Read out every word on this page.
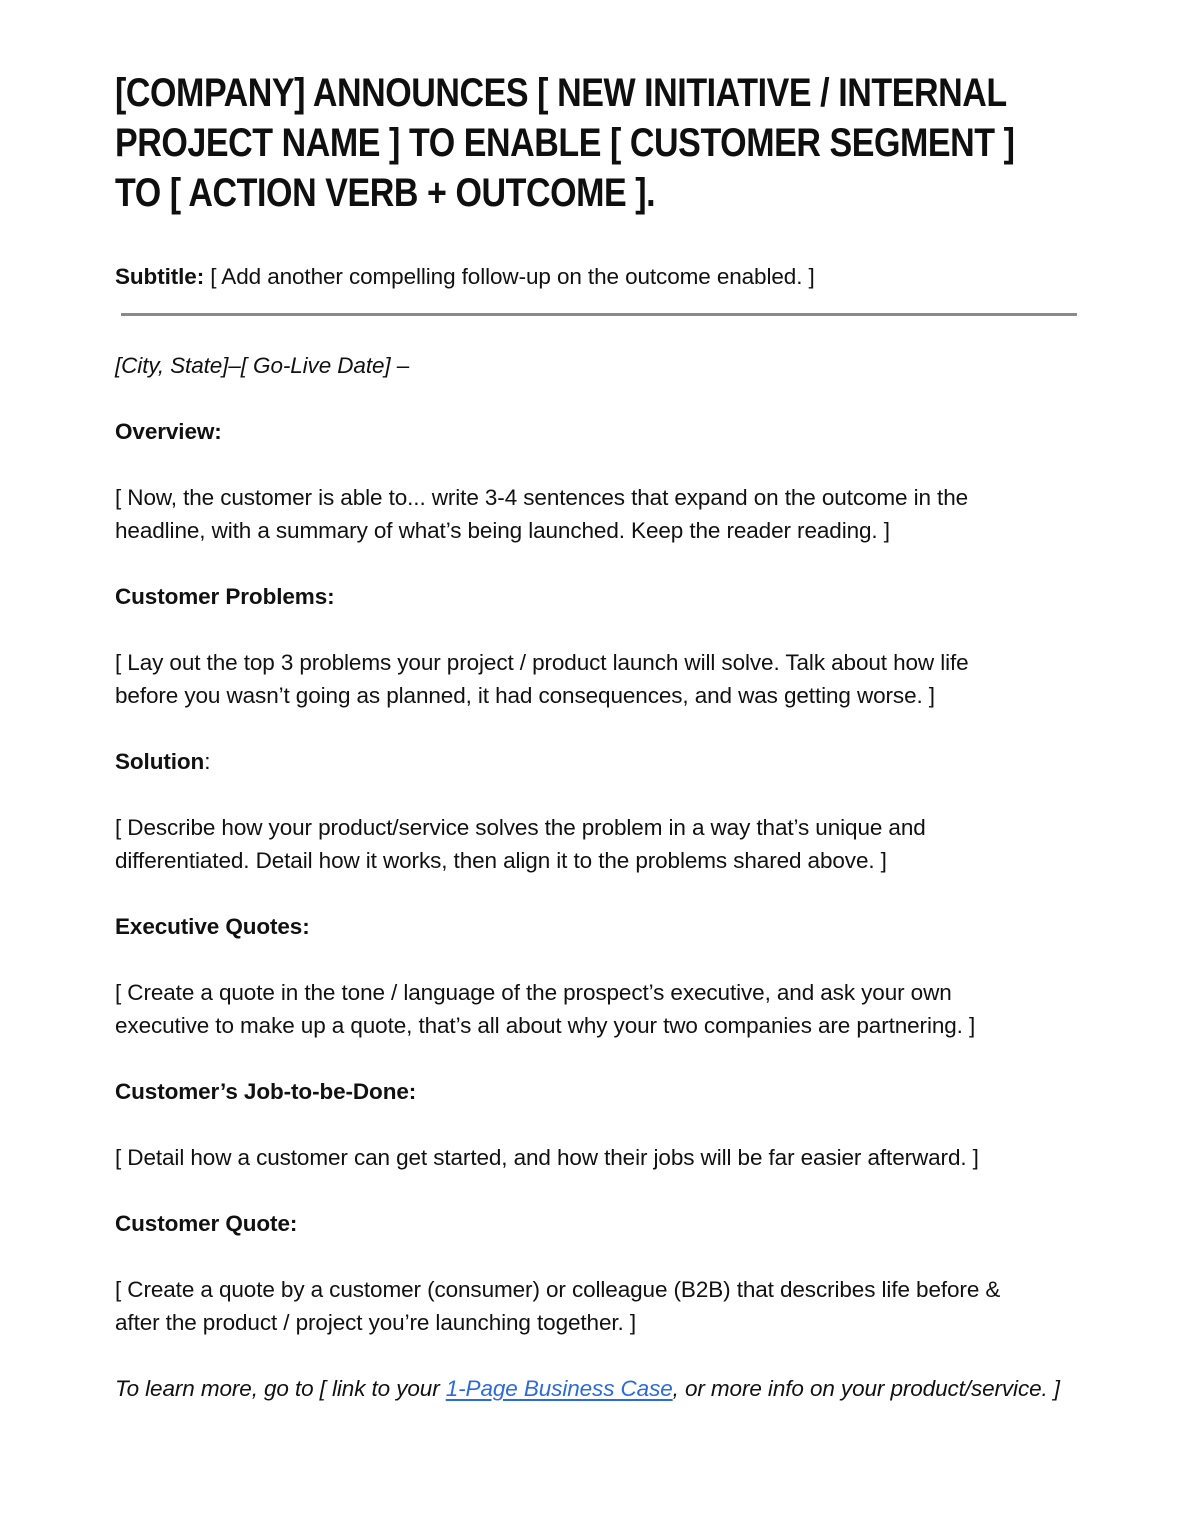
[COMPANY] ANNOUNCES [ NEW INITIATIVE / INTERNAL
PROJECT NAME ] TO ENABLE [ CUSTOMER SEGMENT ]
TO [ ACTION VERB + OUTCOME ].

Subtitle: [ Add another compelling follow-up on the outcome enabled. ]

[City, State]–[ Go-Live Date] –

Overview:

[ Now, the customer is able to... write 3-4 sentences that expand on the outcome in the
headline, with a summary of what’s being launched. Keep the reader reading. ]

Customer Problems:

[ Lay out the top 3 problems your project / product launch will solve. Talk about how life
before you wasn’t going as planned, it had consequences, and was getting worse. ]

Solution:

[ Describe how your product/service solves the problem in a way that’s unique and
differentiated. Detail how it works, then align it to the problems shared above. ]

Executive Quotes:

[ Create a quote in the tone / language of the prospect’s executive, and ask your own
executive to make up a quote, that’s all about why your two companies are partnering. ]

Customer’s Job-to-be-Done:

[ Detail how a customer can get started, and how their jobs will be far easier afterward. ]

Customer Quote:

[ Create a quote by a customer (consumer) or colleague (B2B) that describes life before &
after the product / project you’re launching together. ]

To learn more, go to [ link to your 1-Page Business Case, or more info on your product/service. ]
